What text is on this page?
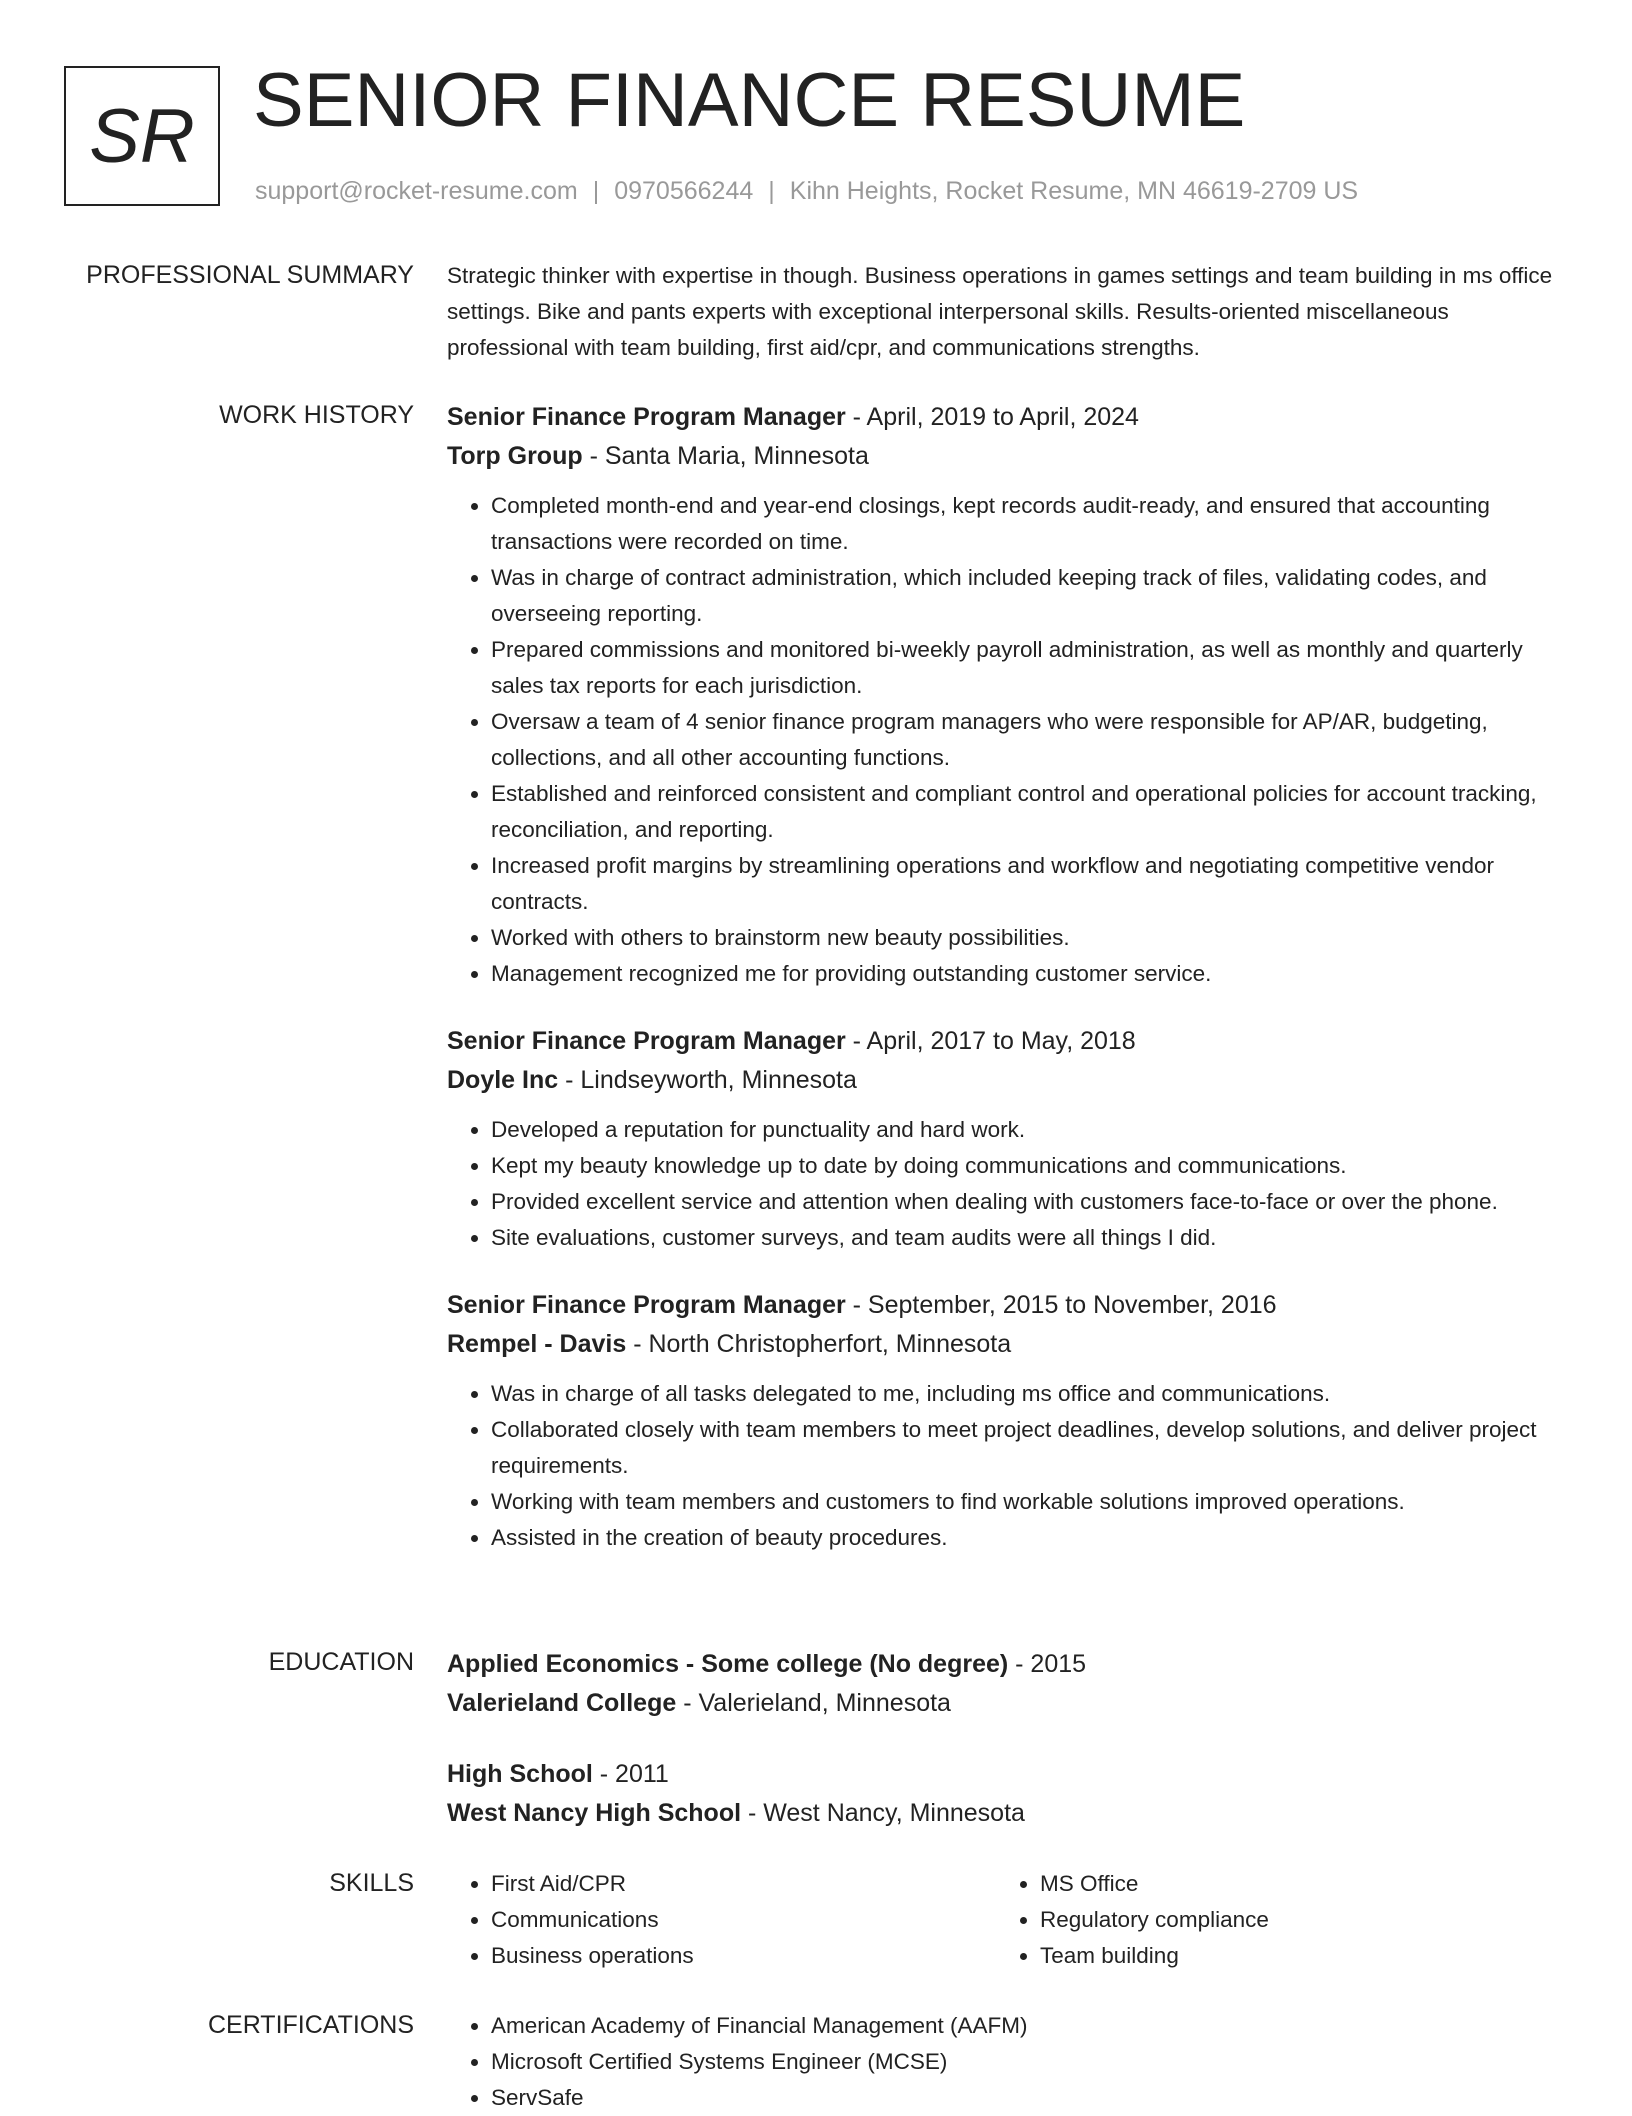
SR SENIOR FINANCE RESUME
support@rocket-resume.com | 0970566244 | Kihn Heights, Rocket Resume, MN 46619-2709 US
PROFESSIONAL SUMMARY Strategic thinker with expertise in though. Business operations in games settings and team building in ms office settings. Bike and pants experts with exceptional interpersonal skills. Results-oriented miscellaneous professional with team building, first aid/cpr, and communications strengths.

WORK HISTORY Senior Finance Program Manager - April, 2019 to April, 2024
Torp Group - Santa Maria, Minnesota
• Completed month-end and year-end closings, kept records audit-ready, and ensured that accounting transactions were recorded on time.
• Was in charge of contract administration, which included keeping track of files, validating codes, and overseeing reporting.
• Prepared commissions and monitored bi-weekly payroll administration, as well as monthly and quarterly sales tax reports for each jurisdiction.
• Oversaw a team of 4 senior finance program managers who were responsible for AP/AR, budgeting, collections, and all other accounting functions.
• Established and reinforced consistent and compliant control and operational policies for account tracking, reconciliation, and reporting.
• Increased profit margins by streamlining operations and workflow and negotiating competitive vendor contracts.
• Worked with others to brainstorm new beauty possibilities.
• Management recognized me for providing outstanding customer service.
Senior Finance Program Manager - April, 2017 to May, 2018
Doyle Inc - Lindseyworth, Minnesota
• Developed a reputation for punctuality and hard work.
• Kept my beauty knowledge up to date by doing communications and communications.
• Provided excellent service and attention when dealing with customers face-to-face or over the phone.
• Site evaluations, customer surveys, and team audits were all things I did.
Senior Finance Program Manager - September, 2015 to November, 2016
Rempel - Davis - North Christopherfort, Minnesota
• Was in charge of all tasks delegated to me, including ms office and communications.
• Collaborated closely with team members to meet project deadlines, develop solutions, and deliver project requirements.
• Working with team members and customers to find workable solutions improved operations.
• Assisted in the creation of beauty procedures.
EDUCATION Applied Economics - Some college (No degree) - 2015
Valerieland College - Valerieland, Minnesota
High School - 2011
West Nancy High School - West Nancy, Minnesota
SKILLS	• First Aid/CPR
• Communications
• Business operations
• MS Office
• Regulatory compliance
• Team building
CERTIFICATIONS	• American Academy of Financial Management (AAFM)
• Microsoft Certified Systems Engineer (MCSE)
• ServSafe
